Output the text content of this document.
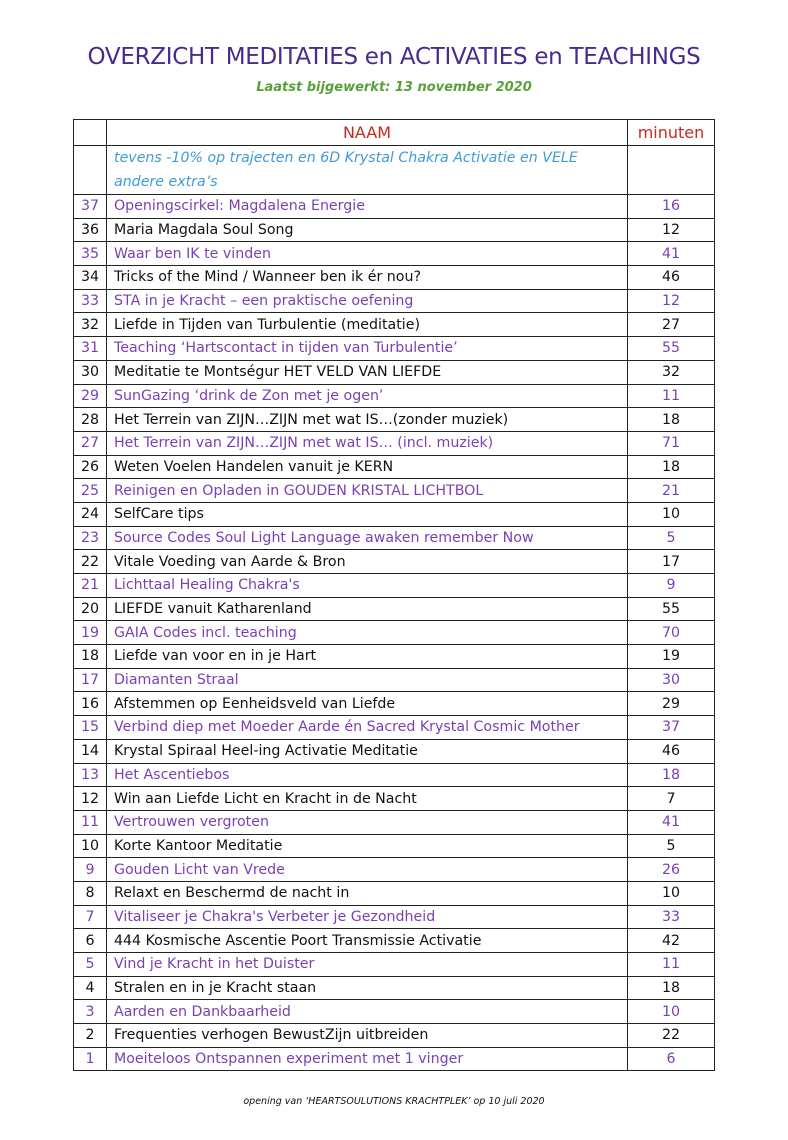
OVERZICHT MEDITATIES en ACTIVATIES en TEACHINGS
Laatst bijgewerkt: 13 november 2020
	NAAM	minuten
	tevens -10% op trajecten en 6D Krystal Chakra Activatie en VELE andere extra’s	
37	Openingscirkel: Magdalena Energie	16
36	Maria Magdala Soul Song	12
35	Waar ben IK te vinden	41
34	Tricks of the Mind / Wanneer ben ik ér nou?	46
33	STA in je Kracht – een praktische oefening	12
32	Liefde in Tijden van Turbulentie (meditatie)	27
31	Teaching ‘Hartscontact in tijden van Turbulentie’	55
30	Meditatie te Montségur HET VELD VAN LIEFDE	32
29	SunGazing ‘drink de Zon met je ogen’	11
28	Het Terrein van ZIJN…ZIJN met wat IS…(zonder muziek)	18
27	Het Terrein van ZIJN…ZIJN met wat IS… (incl. muziek)	71
26	Weten Voelen Handelen vanuit je KERN	18
25	Reinigen en Opladen in GOUDEN KRISTAL LICHTBOL	21
24	SelfCare tips	10
23	Source Codes Soul Light Language awaken remember Now	5
22	Vitale Voeding van Aarde & Bron	17
21	Lichttaal Healing Chakra's	9
20	LIEFDE vanuit Katharenland	55
19	GAIA Codes incl. teaching	70
18	Liefde van voor en in je Hart	19
17	Diamanten Straal	30
16	Afstemmen op Eenheidsveld van Liefde	29
15	Verbind diep met Moeder Aarde én Sacred Krystal Cosmic Mother	37
14	Krystal Spiraal Heel-ing Activatie Meditatie	46
13	Het Ascentiebos	18
12	Win aan Liefde Licht en Kracht in de Nacht	7
11	Vertrouwen vergroten	41
10	Korte Kantoor Meditatie	5
9	Gouden Licht van Vrede	26
8	Relaxt en Beschermd de nacht in	10
7	Vitaliseer je Chakra's Verbeter je Gezondheid	33
6	444 Kosmische Ascentie Poort Transmissie Activatie	42
5	Vind je Kracht in het Duister	11
4	Stralen en in je Kracht staan	18
3	Aarden en Dankbaarheid	10
2	Frequenties verhogen BewustZijn uitbreiden	22
1	Moeiteloos Ontspannen experiment met 1 vinger	6
opening van ‘HEARTSOULUTIONS KRACHTPLEK’ op 10 juli 2020
